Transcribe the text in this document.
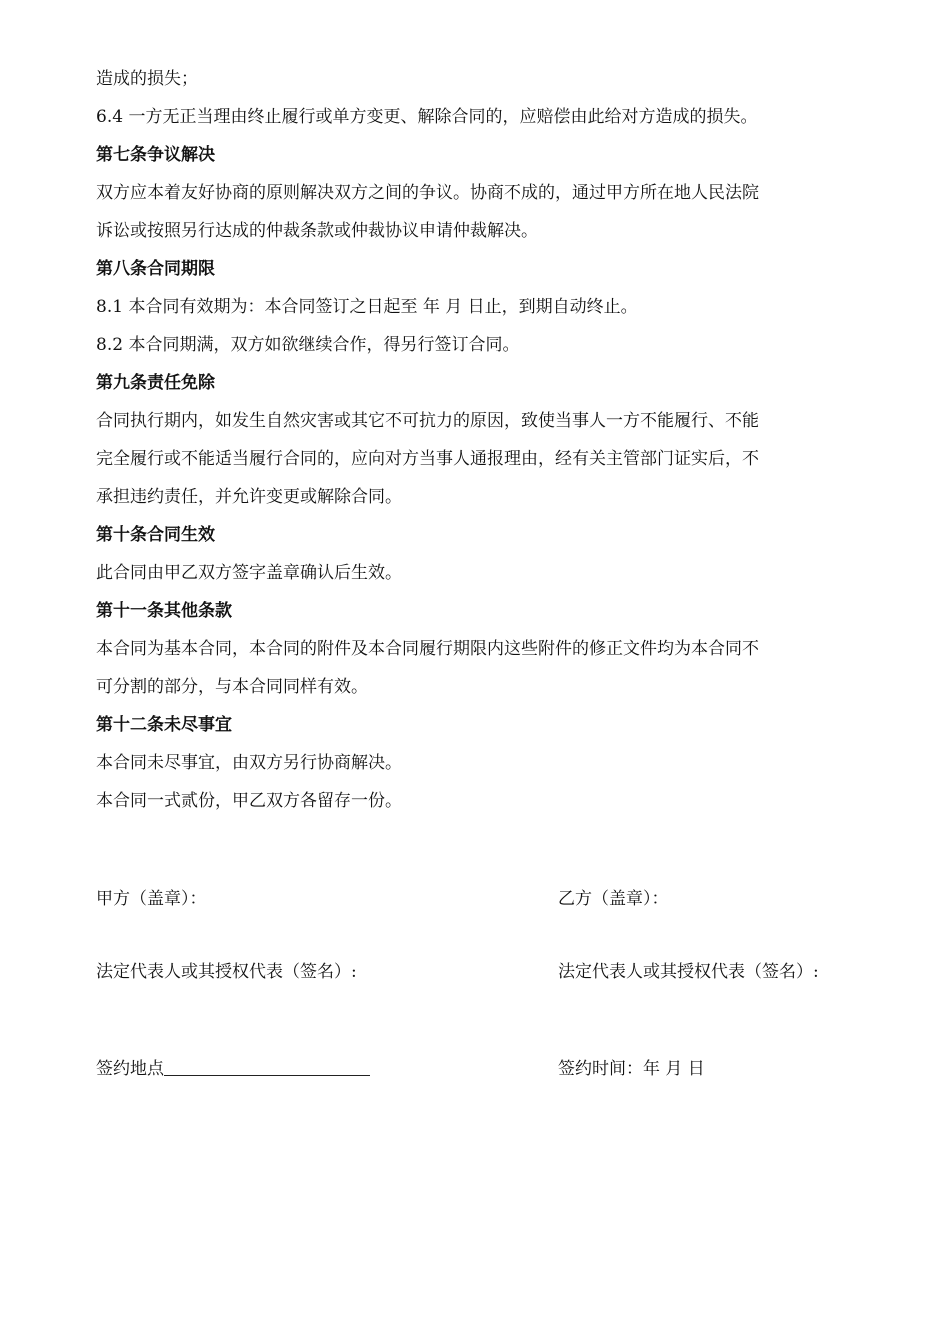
造成的损失；

6.4 一方无正当理由终止履行或单方变更、解除合同的，应赔偿由此给对方造成的损失。

第七条争议解决

双方应本着友好协商的原则解决双方之间的争议。协商不成的，通过甲方所在地人民法院

诉讼或按照另行达成的仲裁条款或仲裁协议申请仲裁解决。

第八条合同期限

8.1 本合同有效期为：本合同签订之日起至 年 月 日止，到期自动终止。

8.2 本合同期满，双方如欲继续合作，得另行签订合同。

第九条责任免除

合同执行期内，如发生自然灾害或其它不可抗力的原因，致使当事人一方不能履行、不能

完全履行或不能适当履行合同的，应向对方当事人通报理由，经有关主管部门证实后，不

承担违约责任，并允许变更或解除合同。

第十条合同生效

此合同由甲乙双方签字盖章确认后生效。

第十一条其他条款

本合同为基本合同，本合同的附件及本合同履行期限内这些附件的修正文件均为本合同不

可分割的部分，与本合同同样有效。

第十二条未尽事宜

本合同未尽事宜，由双方另行协商解决。

本合同一式贰份，甲乙双方各留存一份。

甲方（盖章）：	乙方（盖章）：
法定代表人或其授权代表（签名）:	法定代表人或其授权代表（签名）:
签约地点	签约时间：年 月 日
